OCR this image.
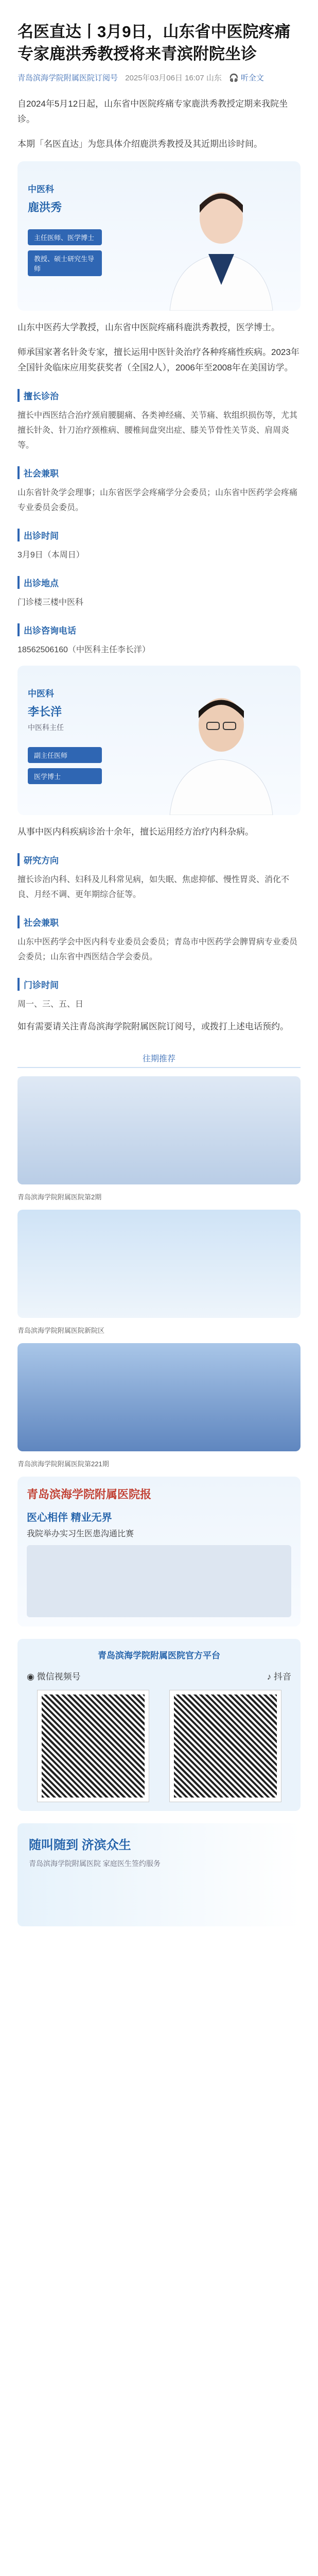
名医直达丨3月9日，山东省中医院疼痛专家鹿洪秀教授将来青滨附院坐诊
青岛滨海学院附属医院订阅号 2025年03月06日 16:07 山东 🎧 听全文

自2024年5月12日起，山东省中医院疼痛专家鹿洪秀教授定期来我院坐诊。

本期「名医直达」为您具体介绍鹿洪秀教授及其近期出诊时间。

中医科
鹿洪秀
主任医师、医学博士
教授、硕士研究生导师

山东中医药大学教授，山东省中医院疼痛科鹿洪秀教授，医学博士。

师承国家著名针灸专家，擅长运用中医针灸治疗各种疼痛性疾病。2023年全国针灸临床应用奖获奖者（全国2人），2006年至2008年在美国访学。

擅长诊治

擅长中西医结合治疗颈肩腰腿痛、各类神经痛、关节痛、软组织损伤等，尤其擅长针灸、针刀治疗颈椎病、腰椎间盘突出症、膝关节骨性关节炎、肩周炎等。

社会兼职

山东省针灸学会理事；山东省医学会疼痛学分会委员；山东省中医药学会疼痛专业委员会委员。

出诊时间

3月9日（本周日）

出诊地点

门诊楼三楼中医科

出诊咨询电话

18562506160（中医科主任李长洋）

中医科
李长洋
中医科主任
副主任医师
医学博士

从事中医内科疾病诊治十余年，擅长运用经方治疗内科杂病。

研究方向

擅长诊治内科、妇科及儿科常见病，如失眠、焦虑抑郁、慢性胃炎、消化不良、月经不调、更年期综合征等。

社会兼职

山东中医药学会中医内科专业委员会委员；青岛市中医药学会脾胃病专业委员会委员；山东省中西医结合学会委员。

门诊时间

周一、三、五、日

如有需要请关注青岛滨海学院附属医院订阅号，或拨打上述电话预约。

往期推荐
青岛滨海学院附属医院第2期
青岛滨海学院附属医院新院区
青岛滨海学院附属医院第221期
青岛滨海学院附属医院报
医心相伴 精业无界
我院举办实习生医患沟通比赛
青岛滨海学院附属医院官方平台
◉ 微信视频号	♪ 抖音
随叫随到 济滨众生
青岛滨海学院附属医院 家庭医生签约服务
